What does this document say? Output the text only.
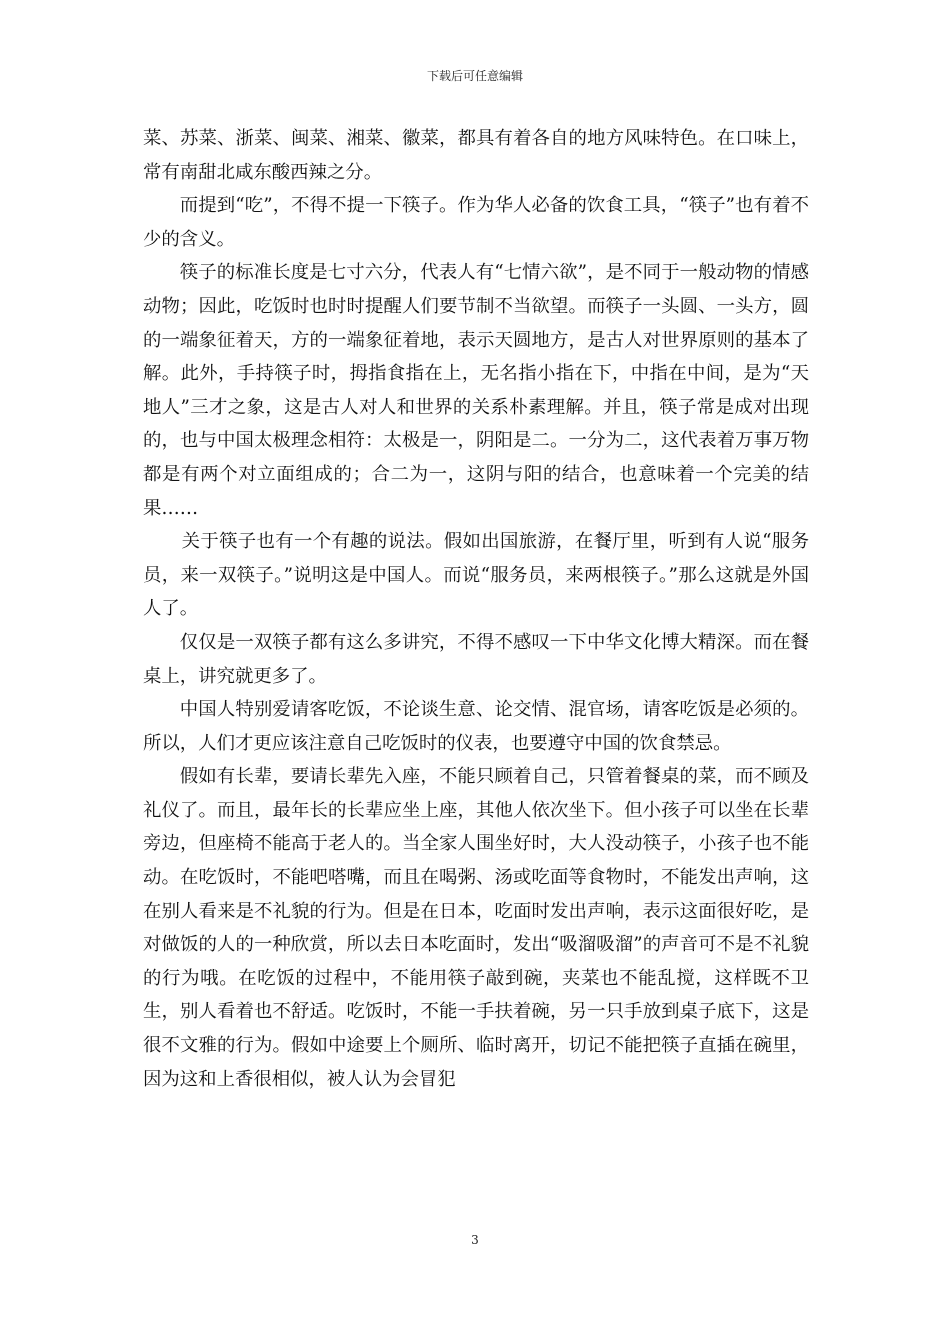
下载后可任意编辑

菜、苏菜、浙菜、闽菜、湘菜、徽菜，都具有着各自的地方风味特色。在口味上，常有南甜北咸东酸西辣之分。

而提到“吃”，不得不提一下筷子。作为华人必备的饮食工具，“筷子”也有着不少的含义。

筷子的标准长度是七寸六分，代表人有“七情六欲”，是不同于一般动物的情感动物；因此，吃饭时也时时提醒人们要节制不当欲望。而筷子一头圆、一头方，圆的一端象征着天，方的一端象征着地，表示天圆地方，是古人对世界原则的基本了解。此外，手持筷子时，拇指食指在上，无名指小指在下，中指在中间，是为“天地人”三才之象，这是古人对人和世界的关系朴素理解。并且，筷子常是成对出现的，也与中国太极理念相符：太极是一，阴阳是二。一分为二，这代表着万事万物都是有两个对立面组成的；合二为一，这阴与阳的结合，也意味着一个完美的结果……

关于筷子也有一个有趣的说法。假如出国旅游，在餐厅里，听到有人说“服务员，来一双筷子。”说明这是中国人。而说“服务员，来两根筷子。”那么这就是外国人了。

仅仅是一双筷子都有这么多讲究，不得不感叹一下中华文化博大精深。而在餐桌上，讲究就更多了。

中国人特别爱请客吃饭，不论谈生意、论交情、混官场，请客吃饭是必须的。所以，人们才更应该注意自己吃饭时的仪表，也要遵守中国的饮食禁忌。

假如有长辈，要请长辈先入座，不能只顾着自己，只管着餐桌的菜，而不顾及礼仪了。而且，最年长的长辈应坐上座，其他人依次坐下。但小孩子可以坐在长辈旁边，但座椅不能高于老人的。当全家人围坐好时，大人没动筷子，小孩子也不能动。在吃饭时，不能吧嗒嘴，而且在喝粥、汤或吃面等食物时，不能发出声响，这在别人看来是不礼貌的行为。但是在日本，吃面时发出声响，表示这面很好吃，是对做饭的人的一种欣赏，所以去日本吃面时，发出“吸溜吸溜”的声音可不是不礼貌的行为哦。在吃饭的过程中，不能用筷子敲到碗，夹菜也不能乱搅，这样既不卫生，别人看着也不舒适。吃饭时，不能一手扶着碗，另一只手放到桌子底下，这是很不文雅的行为。假如中途要上个厕所、临时离开，切记不能把筷子直插在碗里，因为这和上香很相似，被人认为会冒犯

3
